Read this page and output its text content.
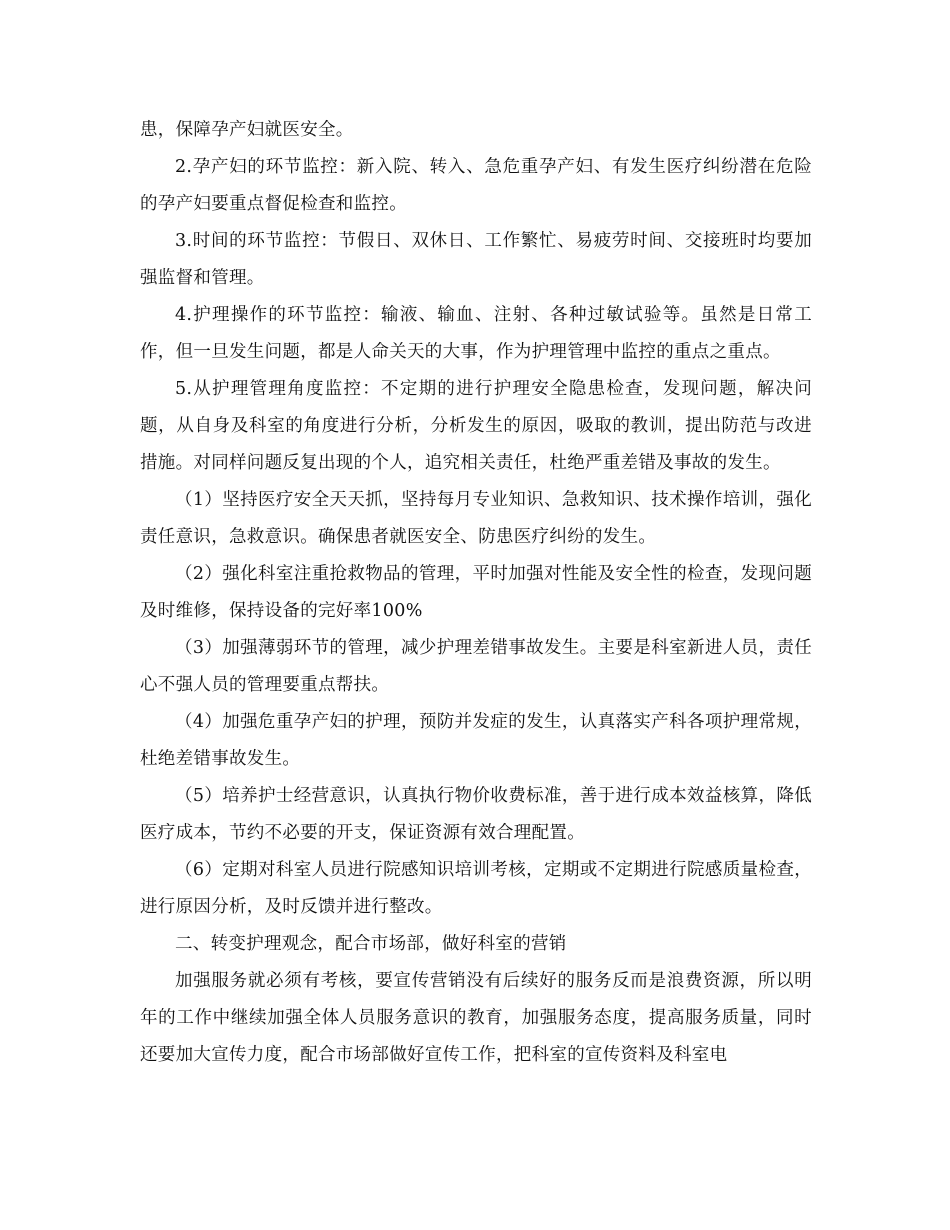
患，保障孕产妇就医安全。

2.孕产妇的环节监控：新入院、转入、急危重孕产妇、有发生医疗纠纷潜在危险的孕产妇要重点督促检查和监控。

3.时间的环节监控：节假日、双休日、工作繁忙、易疲劳时间、交接班时均要加强监督和管理。

4.护理操作的环节监控：输液、输血、注射、各种过敏试验等。虽然是日常工作，但一旦发生问题，都是人命关天的大事，作为护理管理中监控的重点之重点。

5.从护理管理角度监控：不定期的进行护理安全隐患检查，发现问题，解决问题，从自身及科室的角度进行分析，分析发生的原因，吸取的教训，提出防范与改进措施。对同样问题反复出现的个人，追究相关责任，杜绝严重差错及事故的发生。

（1）坚持医疗安全天天抓，坚持每月专业知识、急救知识、技术操作培训，强化责任意识，急救意识。确保患者就医安全、防患医疗纠纷的发生。

（2）强化科室注重抢救物品的管理，平时加强对性能及安全性的检查，发现问题及时维修，保持设备的完好率100%

（3）加强薄弱环节的管理，减少护理差错事故发生。主要是科室新进人员，责任心不强人员的管理要重点帮扶。

（4）加强危重孕产妇的护理，预防并发症的发生，认真落实产科各项护理常规，杜绝差错事故发生。

（5）培养护士经营意识，认真执行物价收费标准，善于进行成本效益核算，降低医疗成本，节约不必要的开支，保证资源有效合理配置。

（6）定期对科室人员进行院感知识培训考核，定期或不定期进行院感质量检查，进行原因分析，及时反馈并进行整改。

二、转变护理观念，配合市场部，做好科室的营销

加强服务就必须有考核，要宣传营销没有后续好的服务反而是浪费资源，所以明年的工作中继续加强全体人员服务意识的教育，加强服务态度，提高服务质量，同时还要加大宣传力度，配合市场部做好宣传工作，把科室的宣传资料及科室电
